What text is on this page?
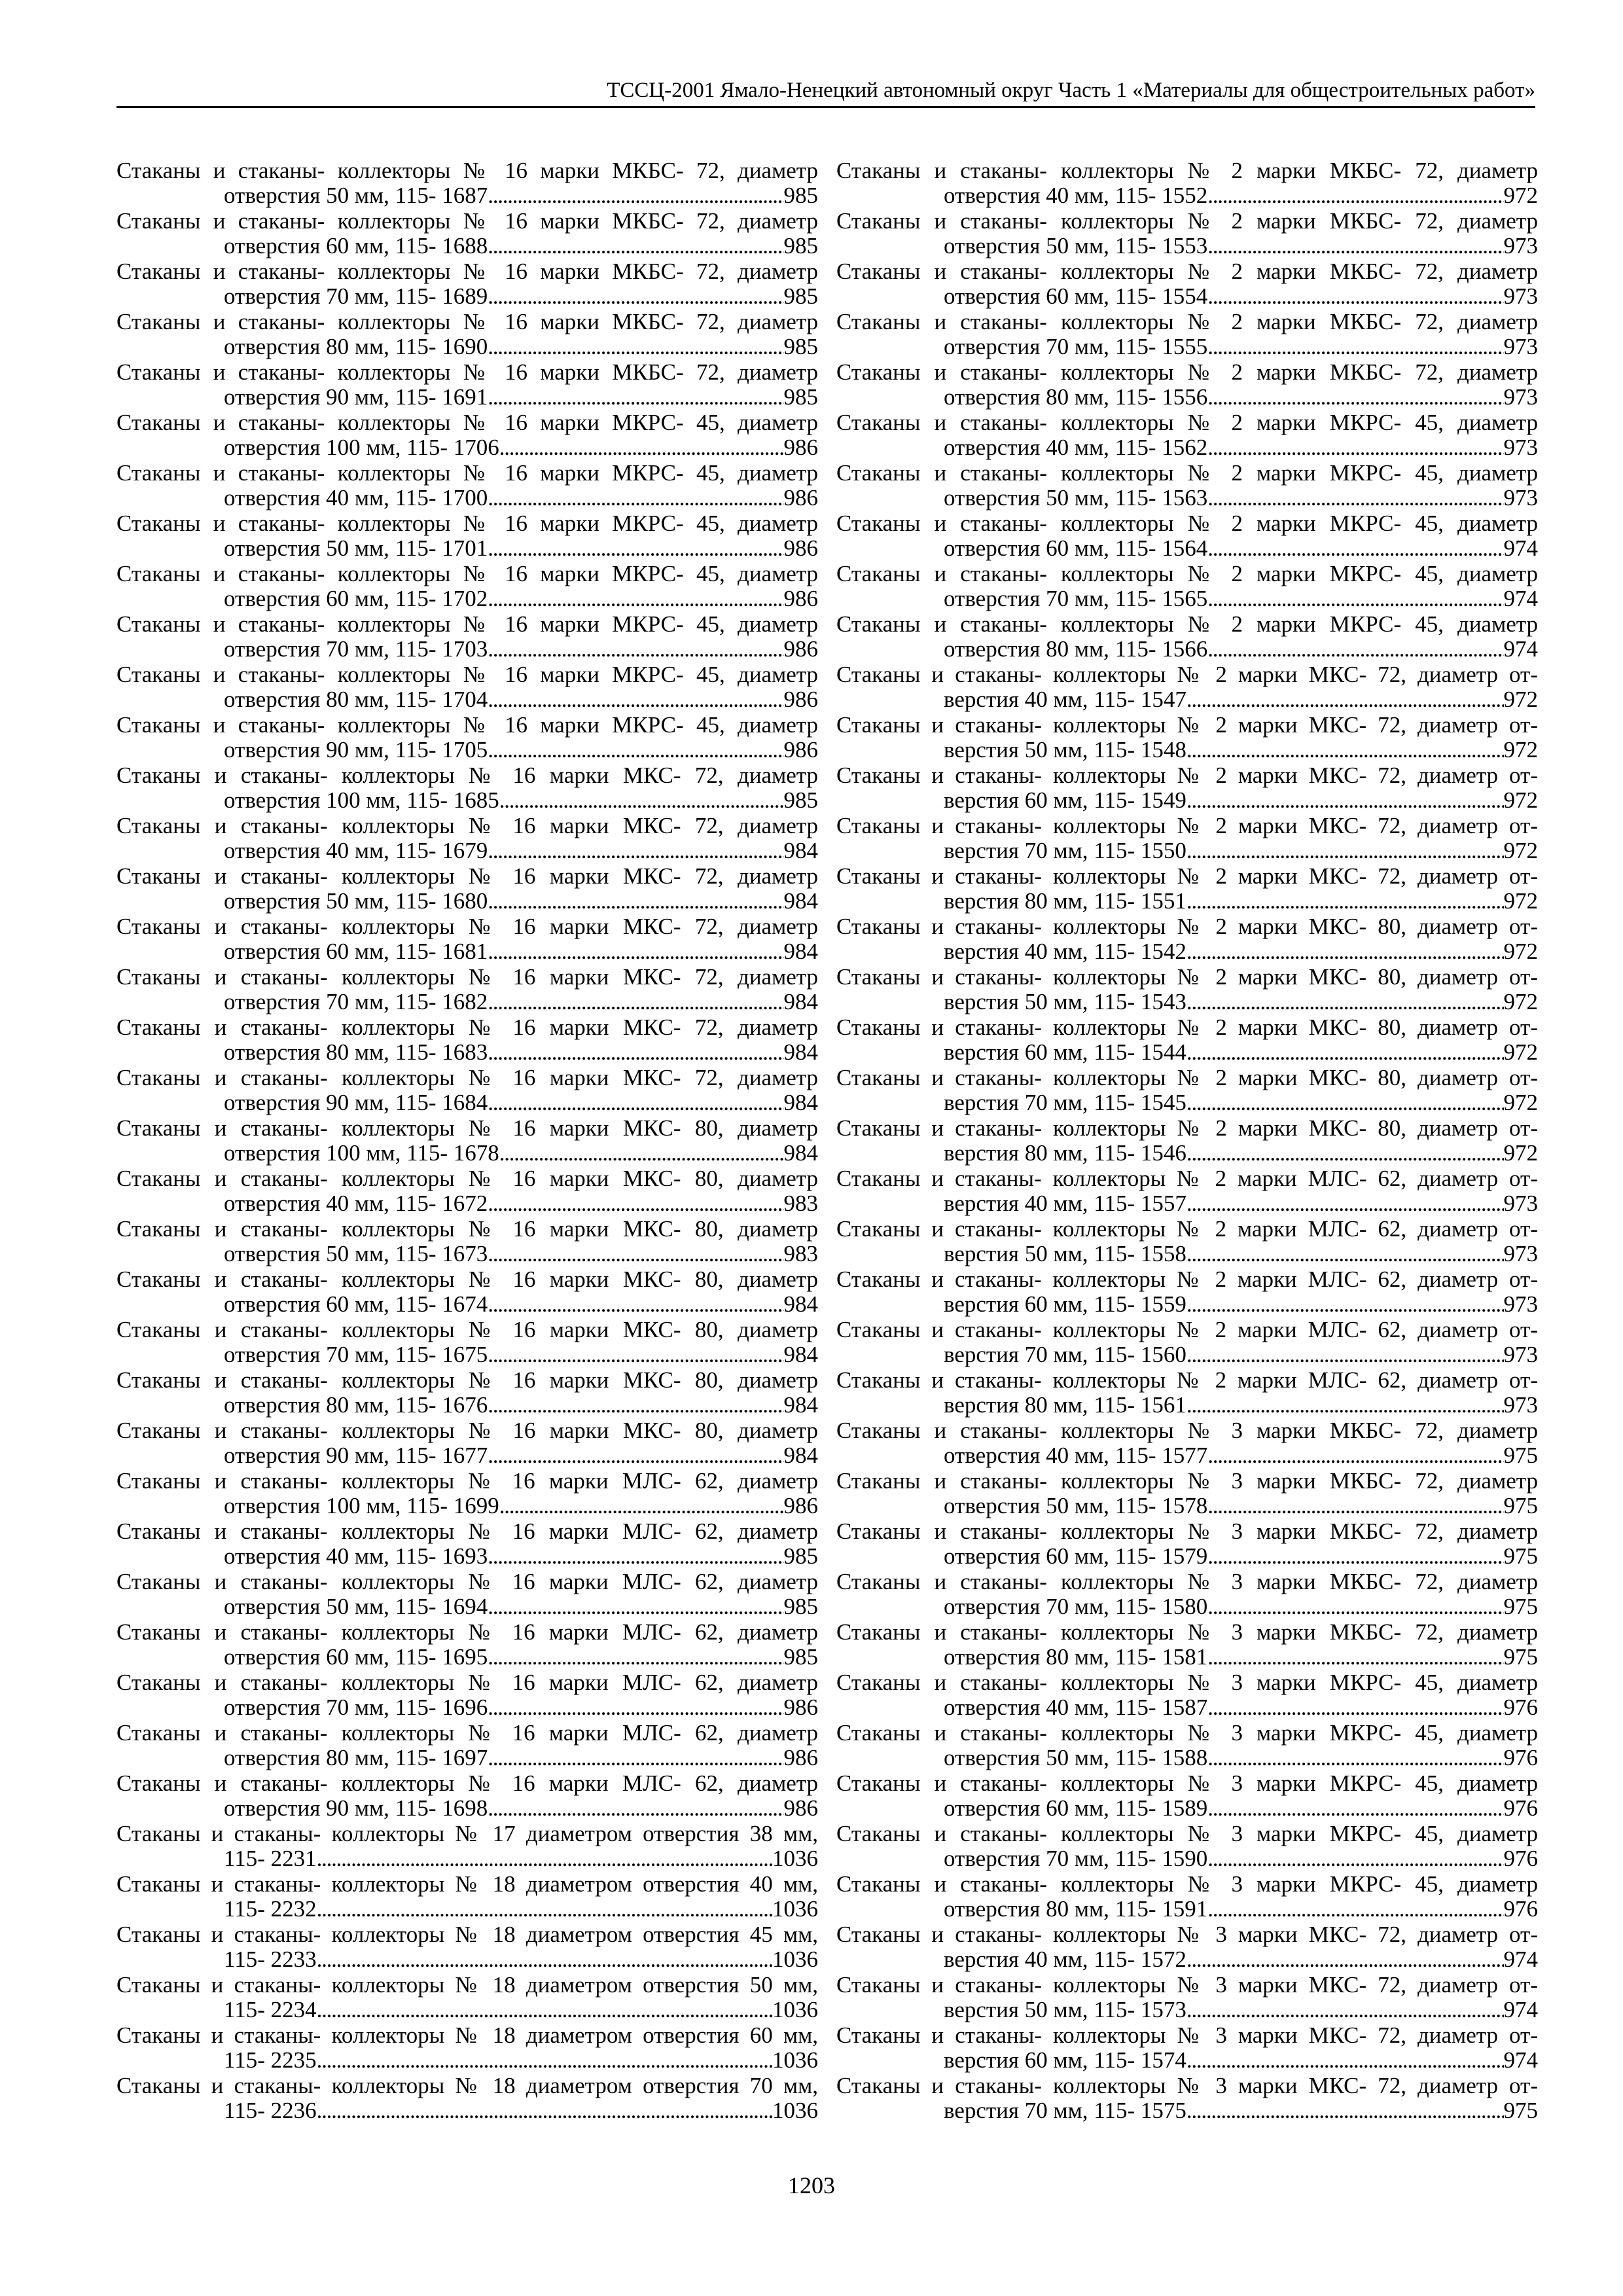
ТССЦ-2001 Ямало-Ненецкий автономный округ Часть 1 «Материалы для общестроительных работ»
Стаканы и стаканы- коллекторы № 16 марки МКБС- 72, диаметр
отверстия 50 мм, 115- 1687 . . .	985
Стаканы и стаканы- коллекторы № 16 марки МКБС- 72, диаметр
отверстия 60 мм, 115- 1688 . . .	985
Стаканы и стаканы- коллекторы № 16 марки МКБС- 72, диаметр
отверстия 70 мм, 115- 1689 . . .	985
Стаканы и стаканы- коллекторы № 16 марки МКБС- 72, диаметр
отверстия 80 мм, 115- 1690 . . .	985
Стаканы и стаканы- коллекторы № 16 марки МКБС- 72, диаметр
отверстия 90 мм, 115- 1691 . . .	985
Стаканы и стаканы- коллекторы № 16 марки МКРС- 45, диаметр
отверстия 100 мм, 115- 1706 . . .	986
Стаканы и стаканы- коллекторы № 16 марки МКРС- 45, диаметр
отверстия 40 мм, 115- 1700 . . .	986
Стаканы и стаканы- коллекторы № 16 марки МКРС- 45, диаметр
отверстия 50 мм, 115- 1701 . . .	986
Стаканы и стаканы- коллекторы № 16 марки МКРС- 45, диаметр
отверстия 60 мм, 115- 1702 . . .	986
Стаканы и стаканы- коллекторы № 16 марки МКРС- 45, диаметр
отверстия 70 мм, 115- 1703 . . .	986
Стаканы и стаканы- коллекторы № 16 марки МКРС- 45, диаметр
отверстия 80 мм, 115- 1704 . . .	986
Стаканы и стаканы- коллекторы № 16 марки МКРС- 45, диаметр
отверстия 90 мм, 115- 1705 . . .	986
Стаканы и стаканы- коллекторы № 16 марки МКС- 72, диаметр
отверстия 100 мм, 115- 1685 . . .	985
Стаканы и стаканы- коллекторы № 16 марки МКС- 72, диаметр
отверстия 40 мм, 115- 1679 . . .	984
Стаканы и стаканы- коллекторы № 16 марки МКС- 72, диаметр
отверстия 50 мм, 115- 1680 . . .	984
Стаканы и стаканы- коллекторы № 16 марки МКС- 72, диаметр
отверстия 60 мм, 115- 1681 . . .	984
Стаканы и стаканы- коллекторы № 16 марки МКС- 72, диаметр
отверстия 70 мм, 115- 1682 . . .	984
Стаканы и стаканы- коллекторы № 16 марки МКС- 72, диаметр
отверстия 80 мм, 115- 1683 . . .	984
Стаканы и стаканы- коллекторы № 16 марки МКС- 72, диаметр
отверстия 90 мм, 115- 1684 . . .	984
Стаканы и стаканы- коллекторы № 16 марки МКС- 80, диаметр
отверстия 100 мм, 115- 1678 . . .	984
Стаканы и стаканы- коллекторы № 16 марки МКС- 80, диаметр
отверстия 40 мм, 115- 1672 . . .	983
Стаканы и стаканы- коллекторы № 16 марки МКС- 80, диаметр
отверстия 50 мм, 115- 1673 . . .	983
Стаканы и стаканы- коллекторы № 16 марки МКС- 80, диаметр
отверстия 60 мм, 115- 1674 . . .	984
Стаканы и стаканы- коллекторы № 16 марки МКС- 80, диаметр
отверстия 70 мм, 115- 1675 . . .	984
Стаканы и стаканы- коллекторы № 16 марки МКС- 80, диаметр
отверстия 80 мм, 115- 1676 . . .	984
Стаканы и стаканы- коллекторы № 16 марки МКС- 80, диаметр
отверстия 90 мм, 115- 1677 . . .	984
Стаканы и стаканы- коллекторы № 16 марки МЛС- 62, диаметр
отверстия 100 мм, 115- 1699 . . .	986
Стаканы и стаканы- коллекторы № 16 марки МЛС- 62, диаметр
отверстия 40 мм, 115- 1693 . . .	985
Стаканы и стаканы- коллекторы № 16 марки МЛС- 62, диаметр
отверстия 50 мм, 115- 1694 . . .	985
Стаканы и стаканы- коллекторы № 16 марки МЛС- 62, диаметр
отверстия 60 мм, 115- 1695 . . .	985
Стаканы и стаканы- коллекторы № 16 марки МЛС- 62, диаметр
отверстия 70 мм, 115- 1696 . . .	986
Стаканы и стаканы- коллекторы № 16 марки МЛС- 62, диаметр
отверстия 80 мм, 115- 1697 . . .	986
Стаканы и стаканы- коллекторы № 16 марки МЛС- 62, диаметр
отверстия 90 мм, 115- 1698 . . .	986
Стаканы и стаканы- коллекторы № 17 диаметром отверстия 38 мм,
115- 2231 . . .	1036
Стаканы и стаканы- коллекторы № 18 диаметром отверстия 40 мм,
115- 2232 . . .	1036
Стаканы и стаканы- коллекторы № 18 диаметром отверстия 45 мм,
115- 2233 . . .	1036
Стаканы и стаканы- коллекторы № 18 диаметром отверстия 50 мм,
115- 2234 . . .	1036
Стаканы и стаканы- коллекторы № 18 диаметром отверстия 60 мм,
115- 2235 . . .	1036
Стаканы и стаканы- коллекторы № 18 диаметром отверстия 70 мм,
115- 2236 . . .	1036
Стаканы и стаканы- коллекторы № 2 марки МКБС- 72, диаметр
отверстия 40 мм, 115- 1552 . . .	972
Стаканы и стаканы- коллекторы № 2 марки МКБС- 72, диаметр
отверстия 50 мм, 115- 1553 . . .	973
Стаканы и стаканы- коллекторы № 2 марки МКБС- 72, диаметр
отверстия 60 мм, 115- 1554 . . .	973
Стаканы и стаканы- коллекторы № 2 марки МКБС- 72, диаметр
отверстия 70 мм, 115- 1555 . . .	973
Стаканы и стаканы- коллекторы № 2 марки МКБС- 72, диаметр
отверстия 80 мм, 115- 1556 . . .	973
Стаканы и стаканы- коллекторы № 2 марки МКРС- 45, диаметр
отверстия 40 мм, 115- 1562 . . .	973
Стаканы и стаканы- коллекторы № 2 марки МКРС- 45, диаметр
отверстия 50 мм, 115- 1563 . . .	973
Стаканы и стаканы- коллекторы № 2 марки МКРС- 45, диаметр
отверстия 60 мм, 115- 1564 . . .	974
Стаканы и стаканы- коллекторы № 2 марки МКРС- 45, диаметр
отверстия 70 мм, 115- 1565 . . .	974
Стаканы и стаканы- коллекторы № 2 марки МКРС- 45, диаметр
отверстия 80 мм, 115- 1566 . . .	974
Стаканы и стаканы- коллекторы № 2 марки МКС- 72, диаметр от-
верстия 40 мм, 115- 1547 . . .	972
Стаканы и стаканы- коллекторы № 2 марки МКС- 72, диаметр от-
верстия 50 мм, 115- 1548 . . .	972
Стаканы и стаканы- коллекторы № 2 марки МКС- 72, диаметр от-
верстия 60 мм, 115- 1549 . . .	972
Стаканы и стаканы- коллекторы № 2 марки МКС- 72, диаметр от-
верстия 70 мм, 115- 1550 . . .	972
Стаканы и стаканы- коллекторы № 2 марки МКС- 72, диаметр от-
верстия 80 мм, 115- 1551 . . .	972
Стаканы и стаканы- коллекторы № 2 марки МКС- 80, диаметр от-
верстия 40 мм, 115- 1542 . . .	972
Стаканы и стаканы- коллекторы № 2 марки МКС- 80, диаметр от-
верстия 50 мм, 115- 1543 . . .	972
Стаканы и стаканы- коллекторы № 2 марки МКС- 80, диаметр от-
верстия 60 мм, 115- 1544 . . .	972
Стаканы и стаканы- коллекторы № 2 марки МКС- 80, диаметр от-
верстия 70 мм, 115- 1545 . . .	972
Стаканы и стаканы- коллекторы № 2 марки МКС- 80, диаметр от-
верстия 80 мм, 115- 1546 . . .	972
Стаканы и стаканы- коллекторы № 2 марки МЛС- 62, диаметр от-
верстия 40 мм, 115- 1557 . . .	973
Стаканы и стаканы- коллекторы № 2 марки МЛС- 62, диаметр от-
верстия 50 мм, 115- 1558 . . .	973
Стаканы и стаканы- коллекторы № 2 марки МЛС- 62, диаметр от-
верстия 60 мм, 115- 1559 . . .	973
Стаканы и стаканы- коллекторы № 2 марки МЛС- 62, диаметр от-
верстия 70 мм, 115- 1560 . . .	973
Стаканы и стаканы- коллекторы № 2 марки МЛС- 62, диаметр от-
верстия 80 мм, 115- 1561 . . .	973
Стаканы и стаканы- коллекторы № 3 марки МКБС- 72, диаметр
отверстия 40 мм, 115- 1577 . . .	975
Стаканы и стаканы- коллекторы № 3 марки МКБС- 72, диаметр
отверстия 50 мм, 115- 1578 . . .	975
Стаканы и стаканы- коллекторы № 3 марки МКБС- 72, диаметр
отверстия 60 мм, 115- 1579 . . .	975
Стаканы и стаканы- коллекторы № 3 марки МКБС- 72, диаметр
отверстия 70 мм, 115- 1580 . . .	975
Стаканы и стаканы- коллекторы № 3 марки МКБС- 72, диаметр
отверстия 80 мм, 115- 1581 . . .	975
Стаканы и стаканы- коллекторы № 3 марки МКРС- 45, диаметр
отверстия 40 мм, 115- 1587 . . .	976
Стаканы и стаканы- коллекторы № 3 марки МКРС- 45, диаметр
отверстия 50 мм, 115- 1588 . . .	976
Стаканы и стаканы- коллекторы № 3 марки МКРС- 45, диаметр
отверстия 60 мм, 115- 1589 . . .	976
Стаканы и стаканы- коллекторы № 3 марки МКРС- 45, диаметр
отверстия 70 мм, 115- 1590 . . .	976
Стаканы и стаканы- коллекторы № 3 марки МКРС- 45, диаметр
отверстия 80 мм, 115- 1591 . . .	976
Стаканы и стаканы- коллекторы № 3 марки МКС- 72, диаметр от-
верстия 40 мм, 115- 1572 . . .	974
Стаканы и стаканы- коллекторы № 3 марки МКС- 72, диаметр от-
верстия 50 мм, 115- 1573 . . .	974
Стаканы и стаканы- коллекторы № 3 марки МКС- 72, диаметр от-
верстия 60 мм, 115- 1574 . . .	974
Стаканы и стаканы- коллекторы № 3 марки МКС- 72, диаметр от-
верстия 70 мм, 115- 1575 . . .	975
1203
